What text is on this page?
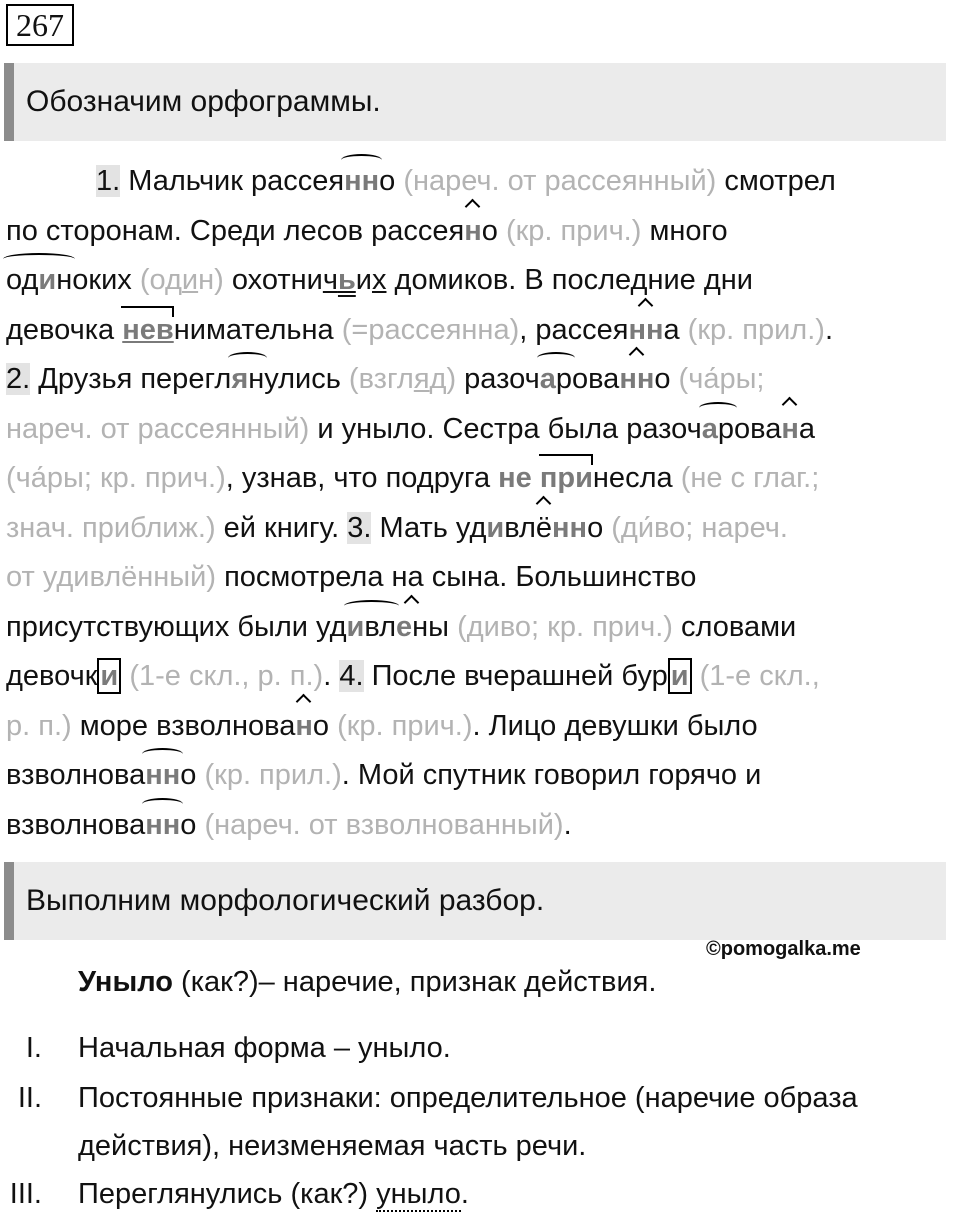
267
Обозначим орфограммы.
1. Мальчик рассеянно (нареч. от рассеянный) смотрел
по сторонам. Среди лесов рассеяно (кр. прич.) много
одиноких (один) охотничьих домиков. В последние дни
девочка невнимательна (=рассеянна), рассеянна (кр. прил.).
2. Друзья переглянулись (взгляд) разочарованно (ча́ры;
нареч. от рассеянный) и уныло. Сестра была разочарована
(ча́ры; кр. прич.), узнав, что подруга не принесла (не с глаг.;
знач. приближ.) ей книгу. 3. Мать удивлённо (ди́во; нареч.
от удивлённый) посмотрела на сына. Большинство
присутствующих были удивлены (диво; кр. прич.) словами
девочк и (1-е скл., р. п.). 4. После вчерашней бур и (1-е скл.,
р. п.) море взволновано (кр. прич.). Лицо девушки было
взволнованно (кр. прил.). Мой спутник говорил горячо и
взволнованно (нареч. от взволнованный).
Выполним морфологический разбор.
©pomogalka.me
Уныло (как?)– наречие, признак действия.
I. Начальная форма – уныло.
II. Постоянные признаки: определительное (наречие образа действия), неизменяемая часть речи.
III. Переглянулись (как?) уныло.
